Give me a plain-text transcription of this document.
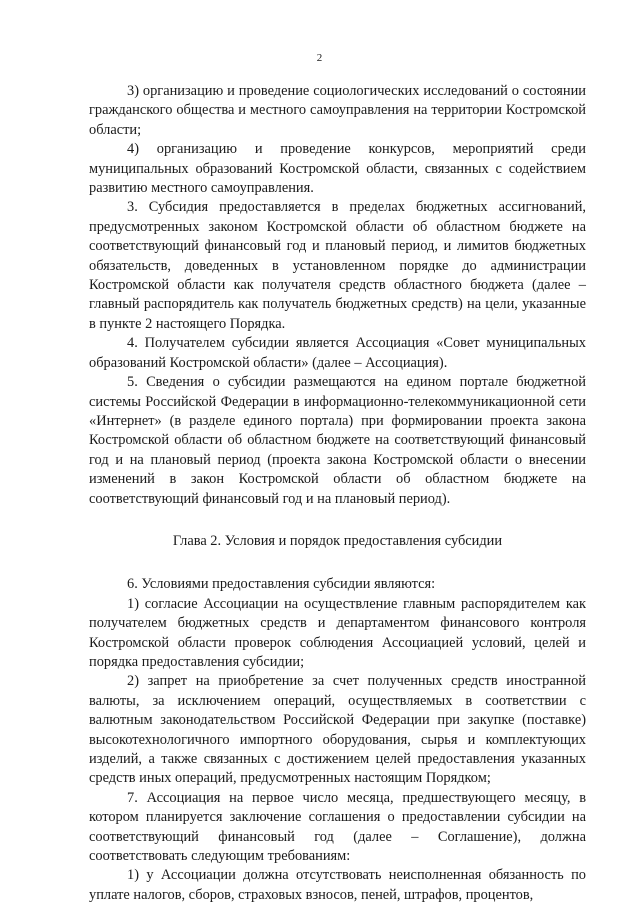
2

3) организацию и проведение социологических исследований о состоянии гражданского общества и местного самоуправления на территории Костромской области;

4) организацию и проведение конкурсов, мероприятий среди муниципальных образований Костромской области, связанных с содействием развитию местного самоуправления.

3. Субсидия предоставляется в пределах бюджетных ассигнований, предусмотренных законом Костромской области об областном бюджете на соответствующий финансовый год и плановый период, и лимитов бюджетных обязательств, доведенных в установленном порядке до администрации Костромской области как получателя средств областного бюджета (далее – главный распорядитель как получатель бюджетных средств) на цели, указанные в пункте 2 настоящего Порядка.

4. Получателем субсидии является Ассоциация «Совет муниципальных образований Костромской области» (далее – Ассоциация).

5. Сведения о субсидии размещаются на едином портале бюджетной системы Российской Федерации в информационно-телекоммуникационной сети «Интернет» (в разделе единого портала) при формировании проекта закона Костромской области об областном бюджете на соответствующий финансовый год и на плановый период (проекта закона Костромской области о внесении изменений в закон Костромской области об областном бюджете на соответствующий финансовый год и на плановый период).

Глава 2. Условия и порядок предоставления субсидии

6. Условиями предоставления субсидии являются:

1) согласие Ассоциации на осуществление главным распорядителем как получателем бюджетных средств и департаментом финансового контроля Костромской области проверок соблюдения Ассоциацией условий, целей и порядка предоставления субсидии;

2) запрет на приобретение за счет полученных средств иностранной валюты, за исключением операций, осуществляемых в соответствии с валютным законодательством Российской Федерации при закупке (поставке) высокотехнологичного импортного оборудования, сырья и комплектующих изделий, а также связанных с достижением целей предоставления указанных средств иных операций, предусмотренных настоящим Порядком;

7. Ассоциация на первое число месяца, предшествующего месяцу, в котором планируется заключение соглашения о предоставлении субсидии на соответствующий финансовый год (далее – Соглашение), должна соответствовать следующим требованиям:

1) у Ассоциации должна отсутствовать неисполненная обязанность по уплате налогов, сборов, страховых взносов, пеней, штрафов, процентов,
